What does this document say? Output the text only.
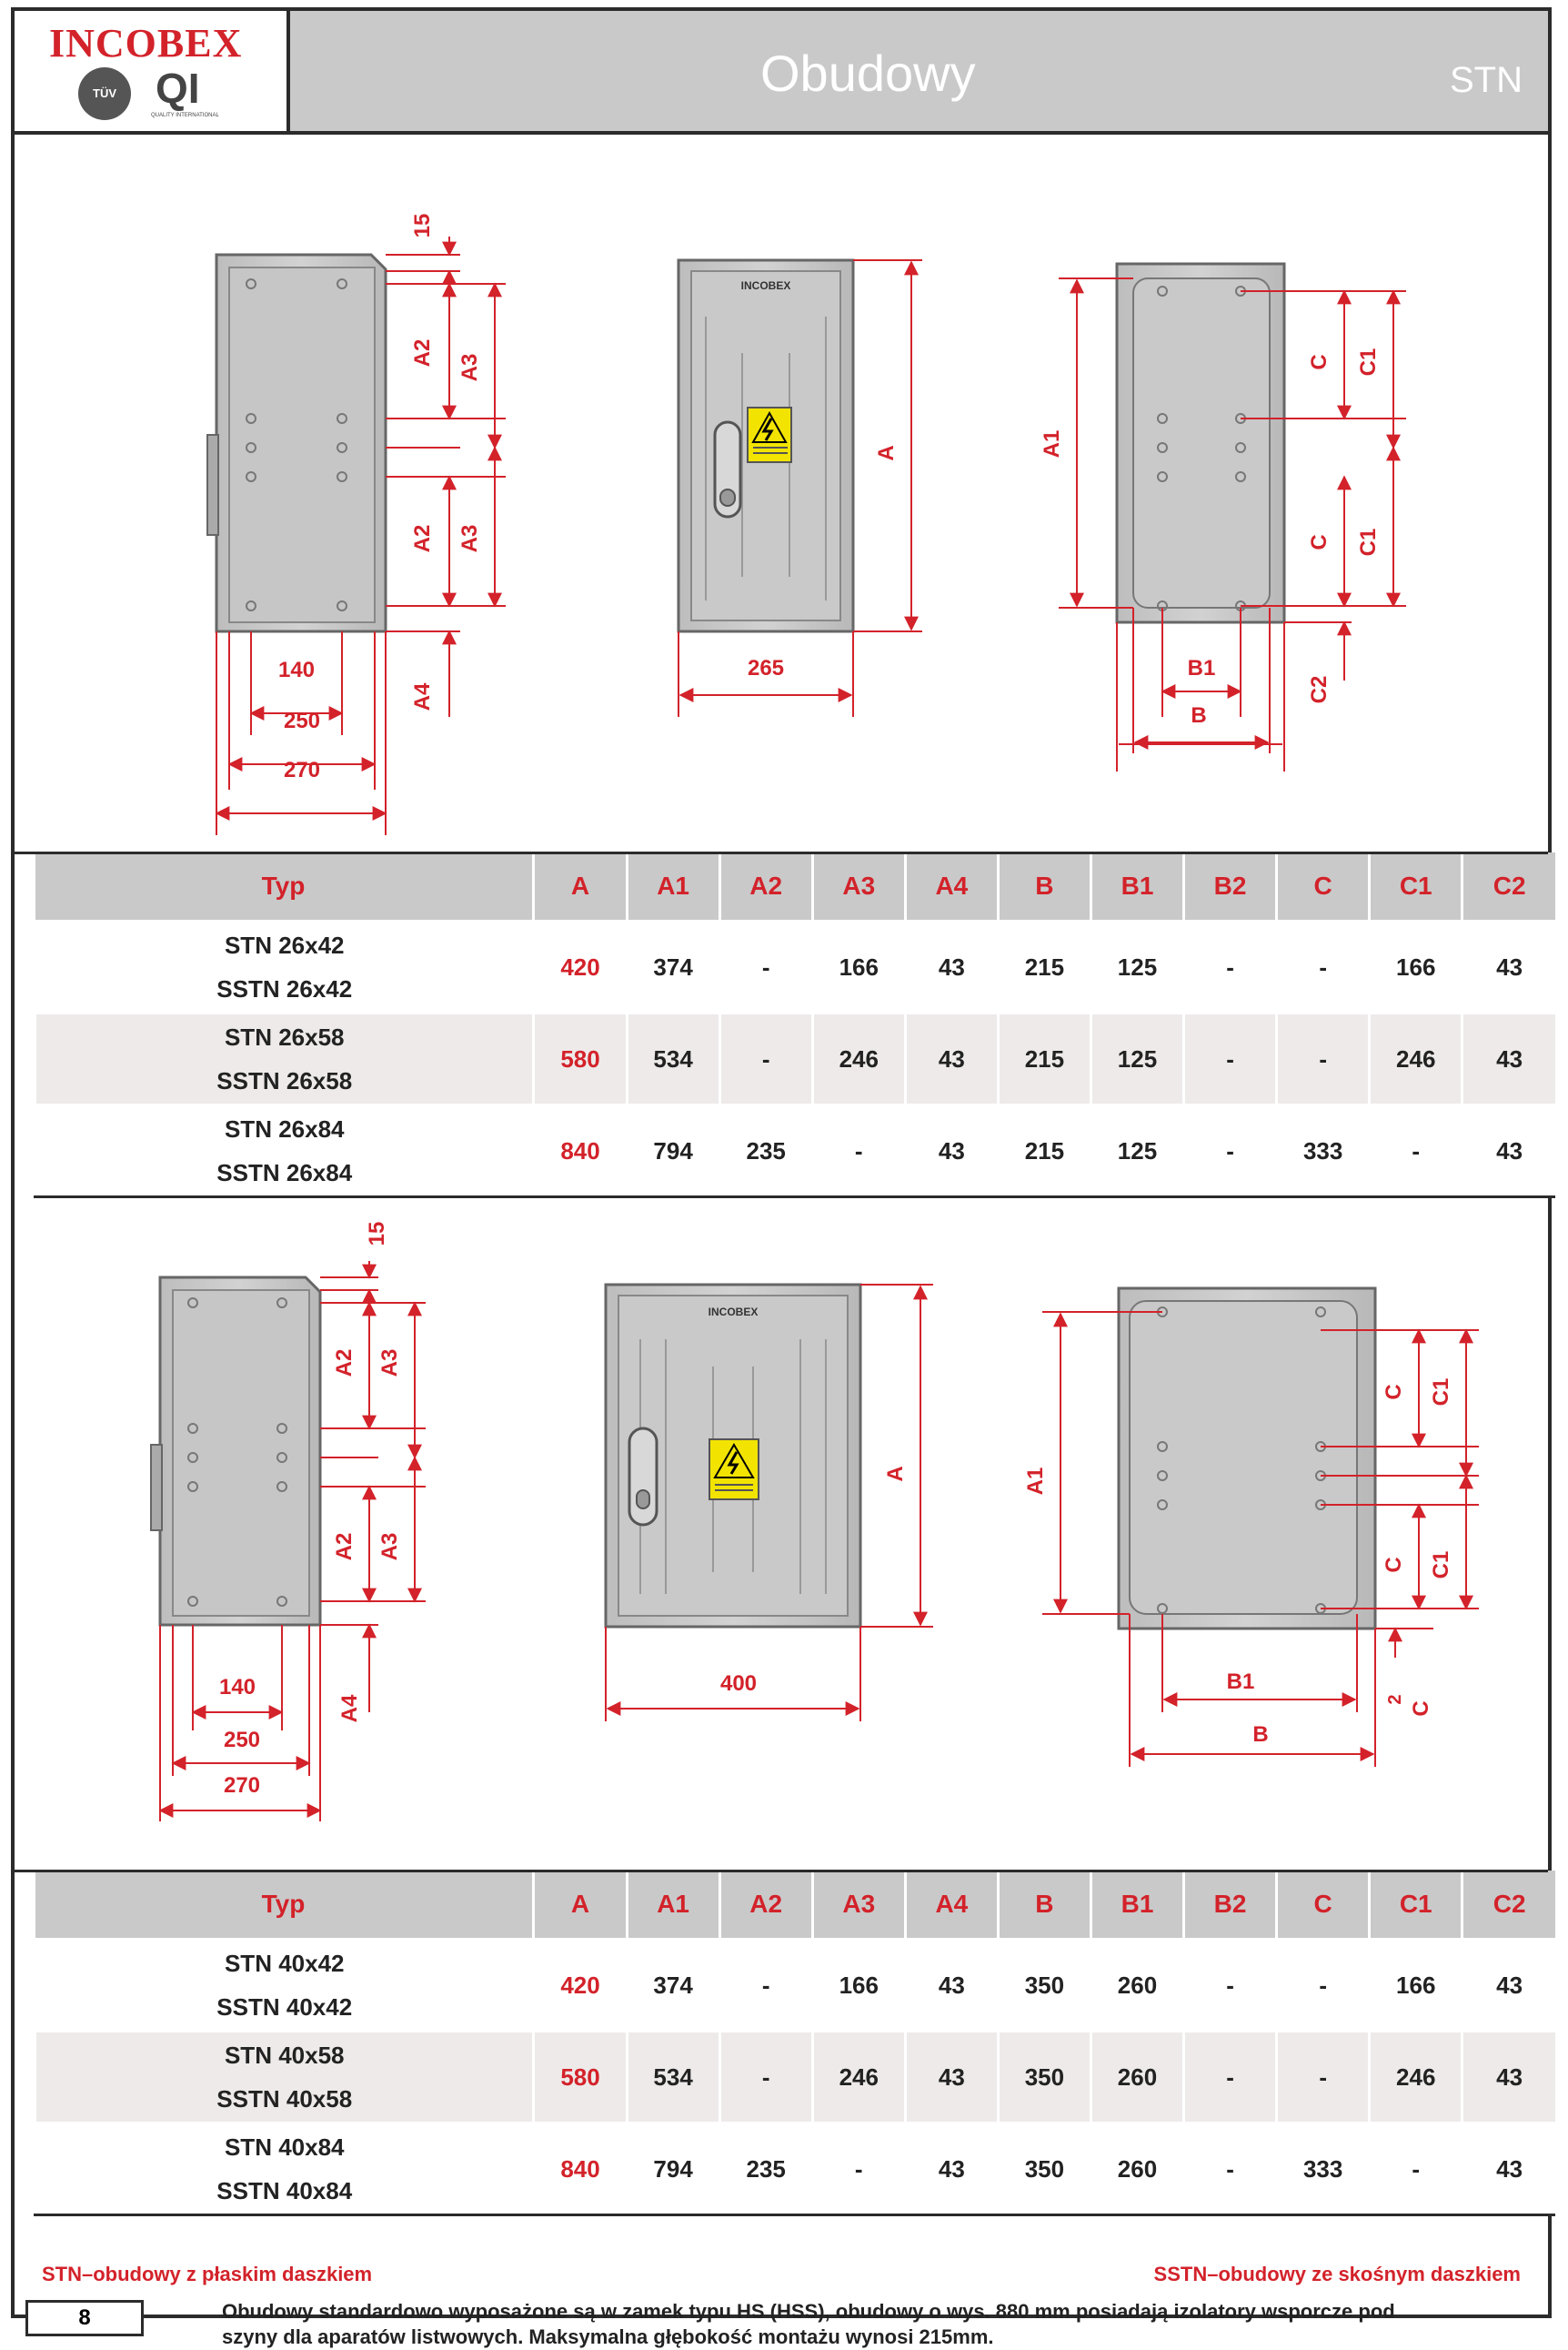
INCOBEX
TÜV QI
QUALITY INTERNATIONAL
Obudowy	STN
15
A2
A3
A2 A3
A4
140
250
270
INCOBEX
A
265
A1
C C1
C C1
C2
B1
B
Typ	A	A1	A2	A3	A4	B	B1	B2	C	C1	C2

STN 26x42
SSTN 26x42	420	374	-	166	43	215	125	-	-	166	43

STN 26x58
SSTN 26x58	580	534	-	246	43	215	125	-	-	246	43

STN 26x84
SSTN 26x84	840	794	235	-	43	215	125	-	333	-	43
15
A2 A3
A2 A3
A4
140
250
270
INCOBEX
A
400
A1
C C1
C C1
2
C
B1
B
Typ	A	A1	A2	A3	A4	B	B1	B2	C	C1	C2

STN 40x42
SSTN 40x42	420	374	-	166	43	350	260	-	-	166	43

STN 40x58
SSTN 40x58	580	534	-	246	43	350	260	-	-	246	43

STN 40x84
SSTN 40x84	840	794	235	-	43	350	260	-	333	-	43
STN–obudowy z płaskim daszkiem	SSTN–obudowy ze skośnym daszkiem
Obudowy standardowo wyposażone są w zamek typu HS (HSS), obudowy o wys. 880 mm posiadają izolatory wsporcze pod
szyny dla aparatów listwowych. Maksymalna głębokość montażu wynosi 215mm.
8
